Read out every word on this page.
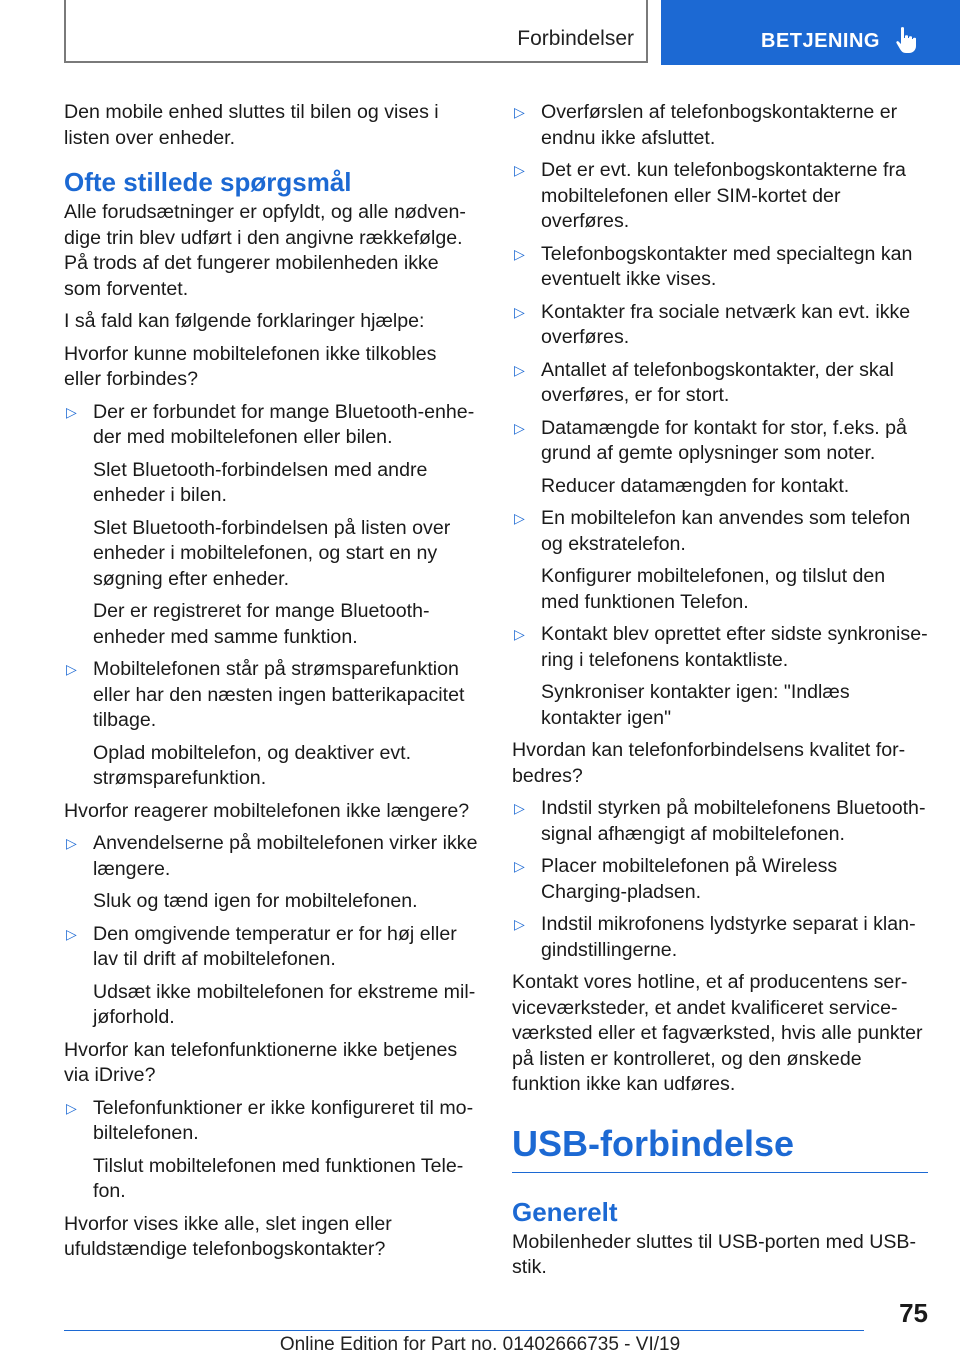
Forbindelser	BETJENING

Den mobile enhed sluttes til bilen og vises i listen over enheder.

Ofte stillede spørgsmål

Alle forudsætninger er opfyldt, og alle nødvendige trin blev udført i den angivne rækkefølge. På trods af det fungerer mobilenheden ikke som forventet.

I så fald kan følgende forklaringer hjælpe:

Hvorfor kunne mobiltelefonen ikke tilkobles eller forbindes?

▷ Der er forbundet for mange Bluetooth-enheder med mobiltelefonen eller bilen.

Slet Bluetooth-forbindelsen med andre enheder i bilen.

Slet Bluetooth-forbindelsen på listen over enheder i mobiltelefonen, og start en ny søgning efter enheder.

Der er registreret for mange Bluetooth-enheder med samme funktion.

▷ Mobiltelefonen står på strømsparefunktion eller har den næsten ingen batterikapacitet tilbage.

Oplad mobiltelefon, og deaktiver evt. strømsparefunktion.

Hvorfor reagerer mobiltelefonen ikke længere?

▷ Anvendelserne på mobiltelefonen virker ikke længere.

Sluk og tænd igen for mobiltelefonen.

▷ Den omgivende temperatur er for høj eller lav til drift af mobiltelefonen.

Udsæt ikke mobiltelefonen for ekstreme miljøforhold.

Hvorfor kan telefonfunktionerne ikke betjenes via iDrive?

▷ Telefonfunktioner er ikke konfigureret til mobiltelefonen.

Tilslut mobiltelefonen med funktionen Telefon.

Hvorfor vises ikke alle, slet ingen eller ufuldstændige telefonbogskontakter?

▷ Overførslen af telefonbogskontakterne er endnu ikke afsluttet.
▷ Det er evt. kun telefonbogskontakterne fra mobiltelefonen eller SIM-kortet der overføres.
▷ Telefonbogskontakter med specialtegn kan eventuelt ikke vises.
▷ Kontakter fra sociale netværk kan evt. ikke overføres.
▷ Antallet af telefonbogskontakter, der skal overføres, er for stort.
▷ Datamængde for kontakt for stor, f.eks. på grund af gemte oplysninger som noter.

Reducer datamængden for kontakt.

▷ En mobiltelefon kan anvendes som telefon og ekstratelefon.

Konfigurer mobiltelefonen, og tilslut den med funktionen Telefon.

▷ Kontakt blev oprettet efter sidste synkronisering i telefonens kontaktliste.

Synkroniser kontakter igen: "Indlæs kontakter igen"

Hvordan kan telefonforbindelsens kvalitet forbedres?

▷ Indstil styrken på mobiltelefonens Bluetooth-signal afhængigt af mobiltelefonen.
▷ Placer mobiltelefonen på Wireless Charging-pladsen.
▷ Indstil mikrofonens lydstyrke separat i klangindstillingerne.

Kontakt vores hotline, et af producentens serviceværksteder, et andet kvalificeret serviceværksted eller et fagværksted, hvis alle punkter på listen er kontrolleret, og den ønskede funktion ikke kan udføres.

USB-forbindelse
Generelt

Mobilenheder sluttes til USB-porten med USB-stik.

75
Online Edition for Part no. 01402666735 - VI/19
